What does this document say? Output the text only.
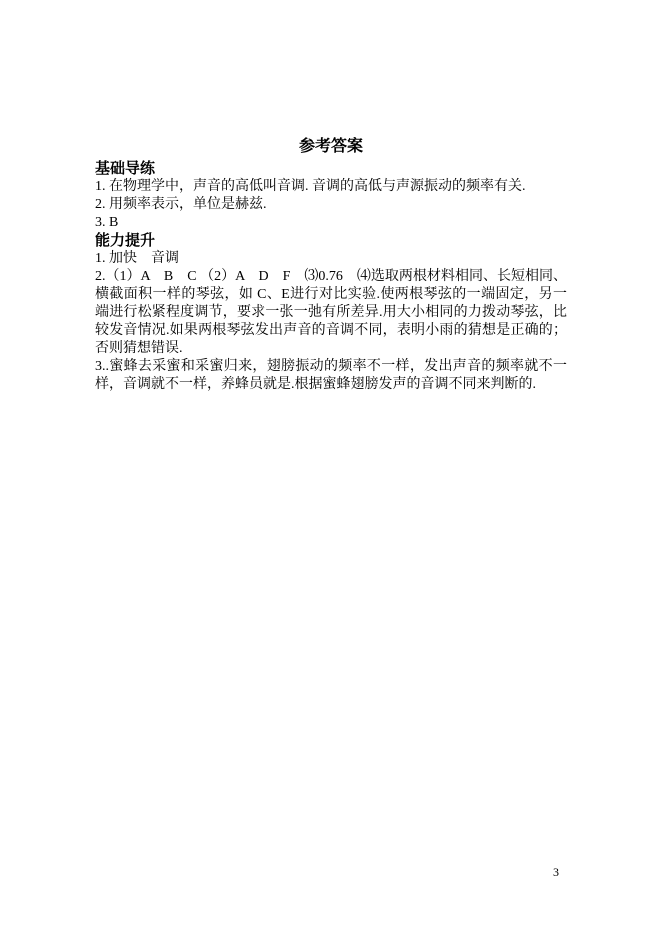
参考答案
基础导练

1. 在物理学中，声音的高低叫音调. 音调的高低与声源振动的频率有关.

2. 用频率表示，单位是赫兹.

3. B

能力提升

1. 加快　音调

2.（1）A　B　C （2）A　D　F　⑶0.76　⑷选取两根材料相同、长短相同、横截面积一样的琴弦，如 C、E进行对比实验.使两根琴弦的一端固定，另一端进行松紧程度调节，要求一张一弛有所差异.用大小相同的力拨动琴弦，比较发音情况.如果两根琴弦发出声音的音调不同，表明小雨的猜想是正确的；否则猜想错误.

3..蜜蜂去采蜜和采蜜归来，翅膀振动的频率不一样，发出声音的频率就不一样，音调就不一样，养蜂员就是.根据蜜蜂翅膀发声的音调不同来判断的.

3
